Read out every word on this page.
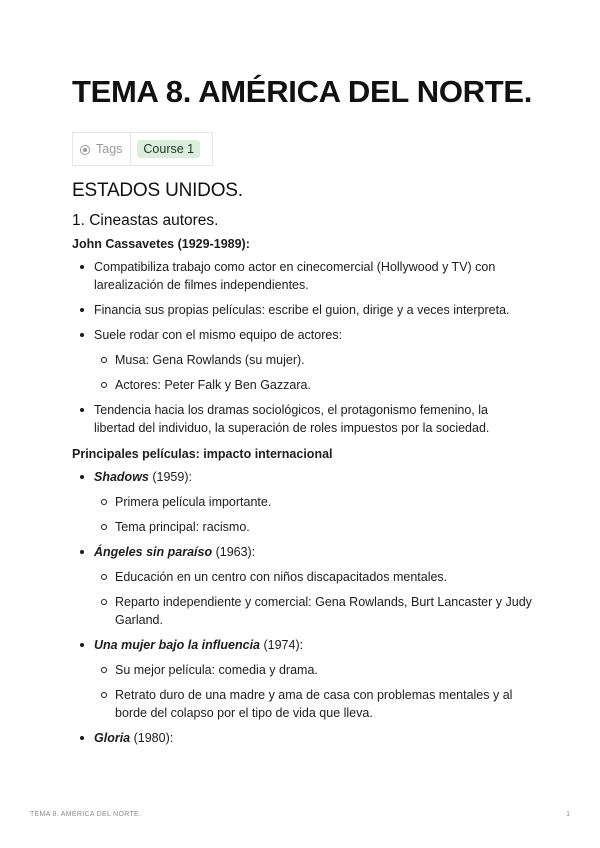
TEMA 8. AMÉRICA DEL NORTE.
Tags	Course 1
ESTADOS UNIDOS.
1. Cineastas autores.

John Cassavetes (1929-1989):

Compatibiliza trabajo como actor en cinecomercial (Hollywood y TV) con larealización de filmes independientes.
Financia sus propias películas: escribe el guion, dirige y a veces interpreta.
Suele rodar con el mismo equipo de actores:
Musa: Gena Rowlands (su mujer).
Actores: Peter Falk y Ben Gazzara.
Tendencia hacia los dramas sociológicos, el protagonismo femenino, la libertad del individuo, la superación de roles impuestos por la sociedad.

Principales películas: impacto internacional

Shadows (1959):
Primera película importante.
Tema principal: racismo.
Ángeles sin paraíso (1963):
Educación en un centro con niños discapacitados mentales.
Reparto independiente y comercial: Gena Rowlands, Burt Lancaster y Judy Garland.
Una mujer bajo la influencia (1974):
Su mejor película: comedia y drama.
Retrato duro de una madre y ama de casa con problemas mentales y al borde del colapso por el tipo de vida que lleva.
Gloria (1980):
TEMA 8. AMÉRICA DEL NORTE.	1
